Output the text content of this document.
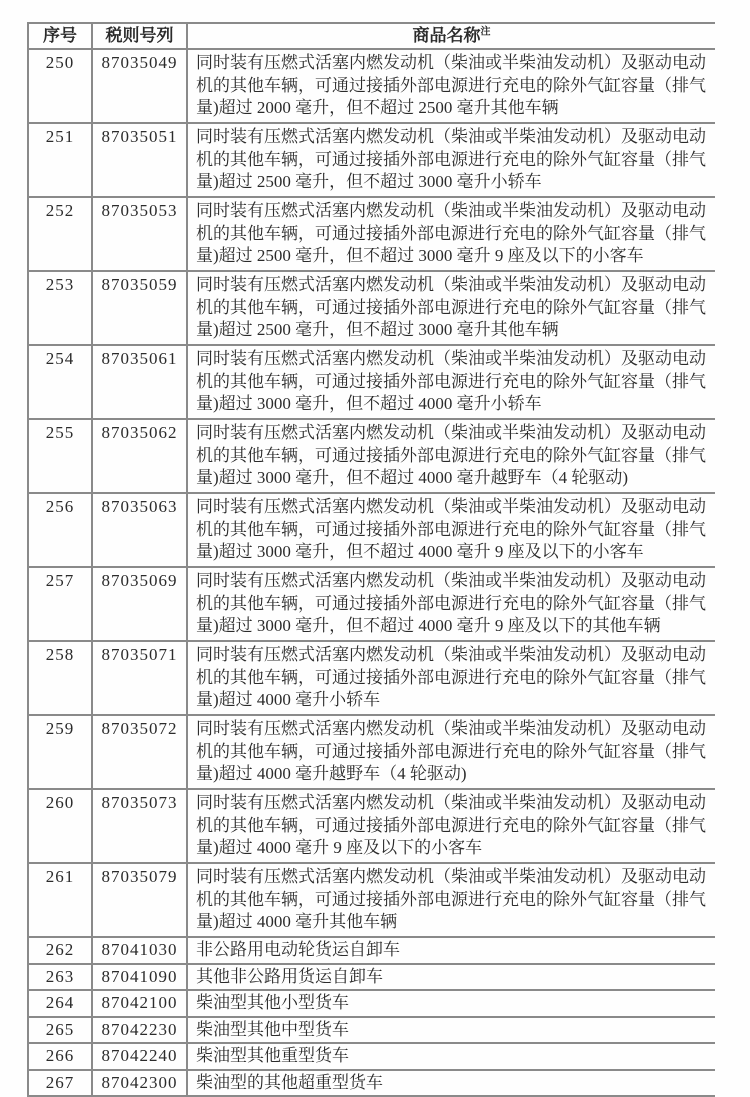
序号	税则号列	商品名称$^注$
250	87035049	同时装有压燃式活塞内燃发动机（柴油或半柴油发动机）及驱动电动机的其他车辆，可通过接插外部电源进行充电的除外气缸容量（排气量)超过 2000 毫升，但不超过 2500 毫升其他车辆
251	87035051	同时装有压燃式活塞内燃发动机（柴油或半柴油发动机）及驱动电动机的其他车辆，可通过接插外部电源进行充电的除外气缸容量（排气量)超过 2500 毫升，但不超过 3000 毫升小轿车
252	87035053	同时装有压燃式活塞内燃发动机（柴油或半柴油发动机）及驱动电动机的其他车辆，可通过接插外部电源进行充电的除外气缸容量（排气量)超过 2500 毫升，但不超过 3000 毫升 9 座及以下的小客车
253	87035059	同时装有压燃式活塞内燃发动机（柴油或半柴油发动机）及驱动电动机的其他车辆，可通过接插外部电源进行充电的除外气缸容量（排气量)超过 2500 毫升，但不超过 3000 毫升其他车辆
254	87035061	同时装有压燃式活塞内燃发动机（柴油或半柴油发动机）及驱动电动机的其他车辆，可通过接插外部电源进行充电的除外气缸容量（排气量)超过 3000 毫升，但不超过 4000 毫升小轿车
255	87035062	同时装有压燃式活塞内燃发动机（柴油或半柴油发动机）及驱动电动机的其他车辆，可通过接插外部电源进行充电的除外气缸容量（排气量)超过 3000 毫升，但不超过 4000 毫升越野车（4 轮驱动)
256	87035063	同时装有压燃式活塞内燃发动机（柴油或半柴油发动机）及驱动电动机的其他车辆，可通过接插外部电源进行充电的除外气缸容量（排气量)超过 3000 毫升，但不超过 4000 毫升 9 座及以下的小客车
257	87035069	同时装有压燃式活塞内燃发动机（柴油或半柴油发动机）及驱动电动机的其他车辆，可通过接插外部电源进行充电的除外气缸容量（排气量)超过 3000 毫升，但不超过 4000 毫升 9 座及以下的其他车辆
258	87035071	同时装有压燃式活塞内燃发动机（柴油或半柴油发动机）及驱动电动机的其他车辆，可通过接插外部电源进行充电的除外气缸容量（排气量)超过 4000 毫升小轿车
259	87035072	同时装有压燃式活塞内燃发动机（柴油或半柴油发动机）及驱动电动机的其他车辆，可通过接插外部电源进行充电的除外气缸容量（排气量)超过 4000 毫升越野车（4 轮驱动)
260	87035073	同时装有压燃式活塞内燃发动机（柴油或半柴油发动机）及驱动电动机的其他车辆，可通过接插外部电源进行充电的除外气缸容量（排气量)超过 4000 毫升 9 座及以下的小客车
261	87035079	同时装有压燃式活塞内燃发动机（柴油或半柴油发动机）及驱动电动机的其他车辆，可通过接插外部电源进行充电的除外气缸容量（排气量)超过 4000 毫升其他车辆
262	87041030	非公路用电动轮货运自卸车
263	87041090	其他非公路用货运自卸车
264	87042100	柴油型其他小型货车
265	87042230	柴油型其他中型货车
266	87042240	柴油型其他重型货车
267	87042300	柴油型的其他超重型货车
